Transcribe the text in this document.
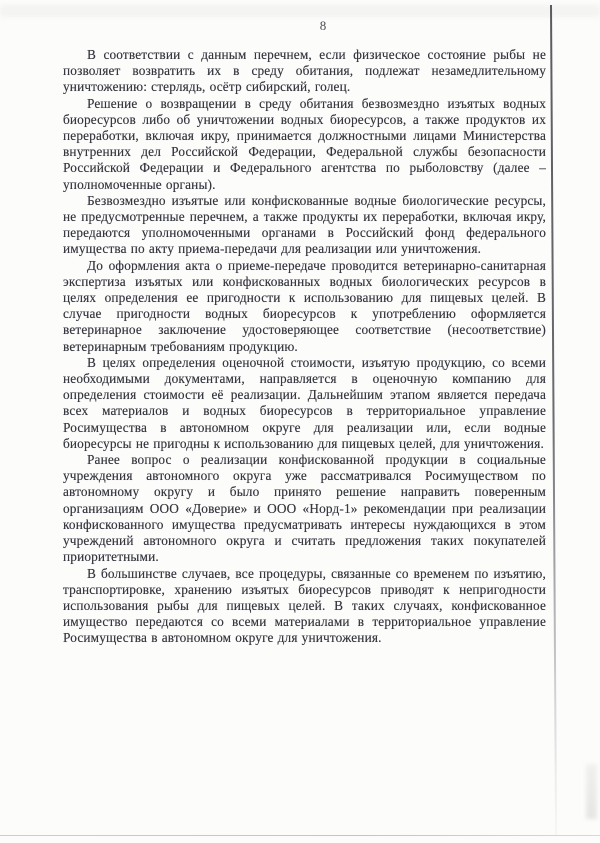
8

В соответствии с данным перечнем, если физическое состояние рыбы не позволяет возвратить их в среду обитания, подлежат незамедлительному уничтожению: стерлядь, осётр сибирский, голец.

Решение о возвращении в среду обитания безвозмездно изъятых водных биоресурсов либо об уничтожении водных биоресурсов, а также продуктов их переработки, включая икру, принимается должностными лицами Министерства внутренних дел Российской Федерации, Федеральной службы безопасности Российской Федерации и Федерального агентства по рыболовству (далее – уполномоченные органы).

Безвозмездно изъятые или конфискованные водные биологические ресурсы, не предусмотренные перечнем, а также продукты их переработки, включая икру, передаются уполномоченными органами в Российский фонд федерального имущества по акту приема-передачи для реализации или уничтожения.

До оформления акта о приеме-передаче проводится ветеринарно-санитарная экспертиза изъятых или конфискованных водных биологических ресурсов в целях определения ее пригодности к использованию для пищевых целей. В случае пригодности водных биоресурсов к употреблению оформляется ветеринарное заключение удостоверяющее соответствие (несоответствие) ветеринарным требованиям продукцию.

В целях определения оценочной стоимости, изъятую продукцию, со всеми необходимыми документами, направляется в оценочную компанию для определения стоимости её реализации. Дальнейшим этапом является передача всех материалов и водных биоресурсов в территориальное управление Росимущества в автономном округе для реализации или, если водные биоресурсы не пригодны к использованию для пищевых целей, для уничтожения.

Ранее вопрос о реализации конфискованной продукции в социальные учреждения автономного округа уже рассматривался Росимуществом по автономному округу и было принято решение направить поверенным организациям ООО «Доверие» и ООО «Норд-1» рекомендации при реализации конфискованного имущества предусматривать интересы нуждающихся в этом учреждений автономного округа и считать предложения таких покупателей приоритетными.

В большинстве случаев, все процедуры, связанные со временем по изъятию, транспортировке, хранению изъятых биоресурсов приводят к непригодности использования рыбы для пищевых целей. В таких случаях, конфискованное имущество передаются со всеми материалами в территориальное управление Росимущества в автономном округе для уничтожения.
